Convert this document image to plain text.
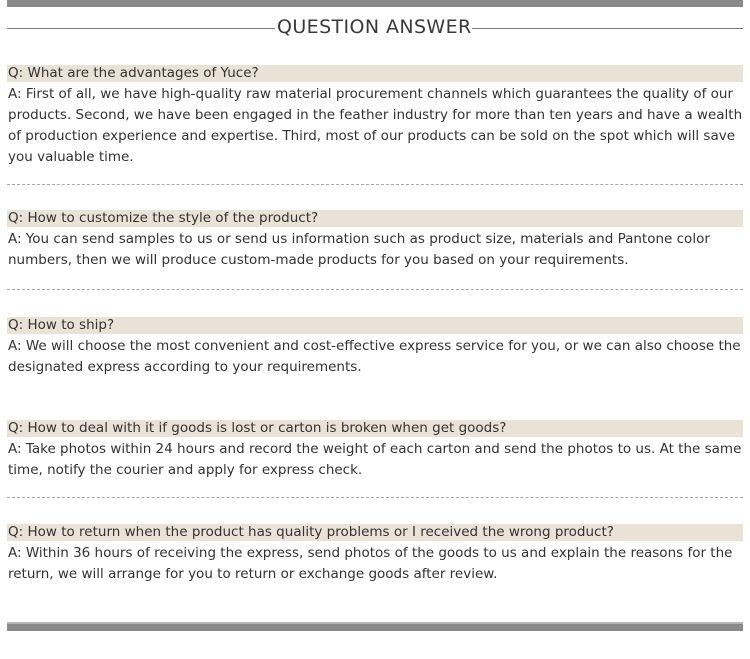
QUESTION ANSWER
Q: What are the advantages of Yuce?
A: First of all, we have high-quality raw material procurement channels which guarantees the quality of our products. Second, we have been engaged in the feather industry for more than ten years and have a wealth of production experience and expertise. Third, most of our products can be sold on the spot which will save you valuable time.
Q: How to customize the style of the product?
A: You can send samples to us or send us information such as product size, materials and Pantone color numbers, then we will produce custom-made products for you based on your requirements.
Q: How to ship?
A: We will choose the most convenient and cost-effective express service for you, or we can also choose the designated express according to your requirements.
Q: How to deal with it if goods is lost or carton is broken when get goods?
A: Take photos within 24 hours and record the weight of each carton and send the photos to us. At the same time, notify the courier and apply for express check.
Q: How to return when the product has quality problems or I received the wrong product?
A: Within 36 hours of receiving the express, send photos of the goods to us and explain the reasons for the return, we will arrange for you to return or exchange goods after review.
